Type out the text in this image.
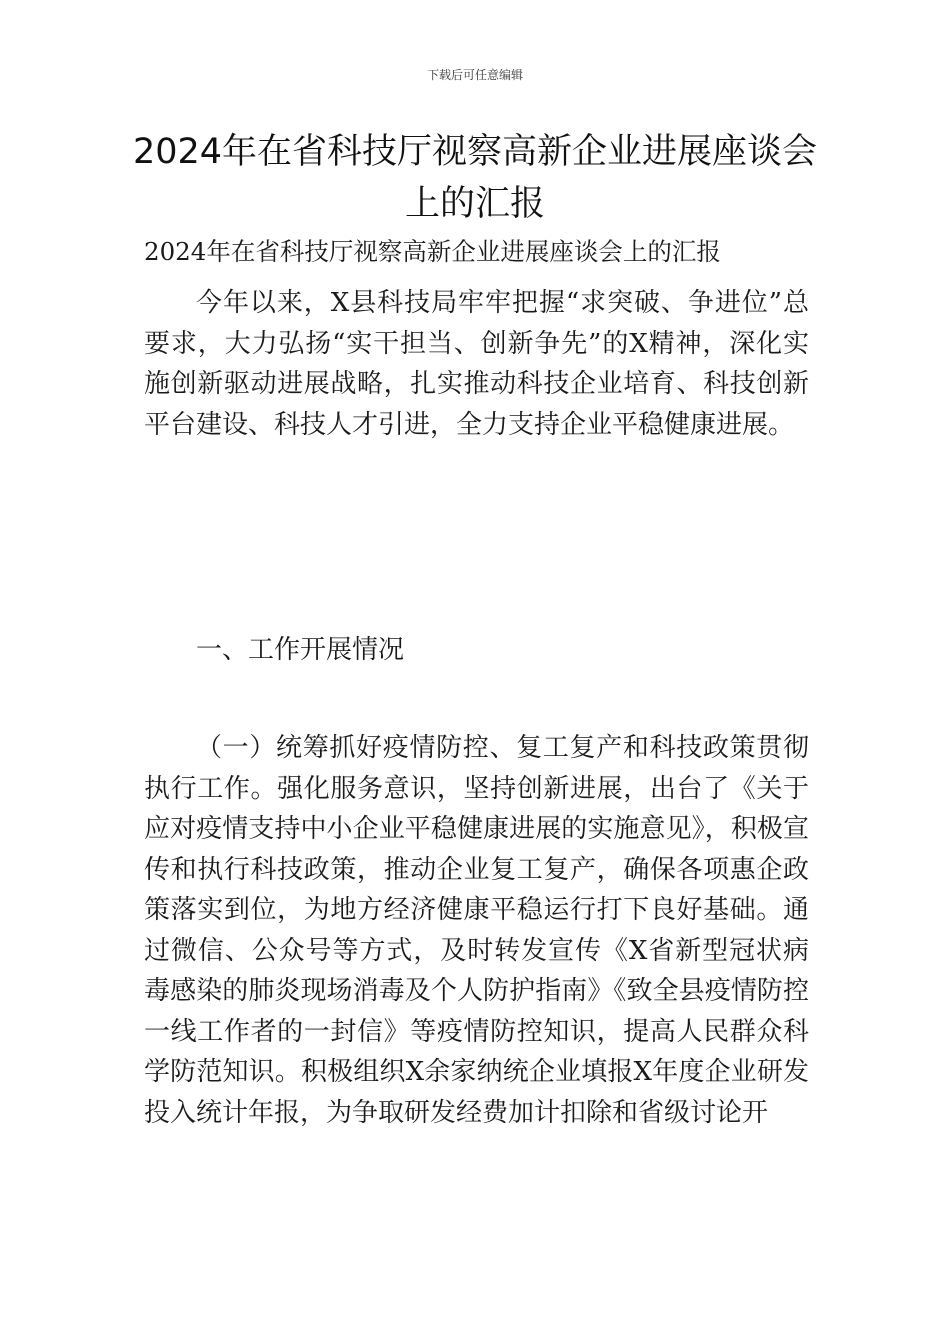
下载后可任意编辑
2024年在省科技厅视察高新企业进展座谈会上的汇报

2024年在省科技厅视察高新企业进展座谈会上的汇报

今年以来，X县科技局牢牢把握“求突破、争进位”总要求，大力弘扬“实干担当、创新争先”的X精神，深化实施创新驱动进展战略，扎实推动科技企业培育、科技创新平台建设、科技人才引进，全力支持企业平稳健康进展。

一、工作开展情况

（一）统筹抓好疫情防控、复工复产和科技政策贯彻执行工作。强化服务意识，坚持创新进展，出台了《关于应对疫情支持中小企业平稳健康进展的实施意见》，积极宣传和执行科技政策，推动企业复工复产，确保各项惠企政策落实到位，为地方经济健康平稳运行打下良好基础。通过微信、公众号等方式，及时转发宣传《X省新型冠状病毒感染的肺炎现场消毒及个人防护指南》《致全县疫情防控一线工作者的一封信》等疫情防控知识，提高人民群众科学防范知识。积极组织X余家纳统企业填报X年度企业研发投入统计年报，为争取研发经费加计扣除和省级讨论开
